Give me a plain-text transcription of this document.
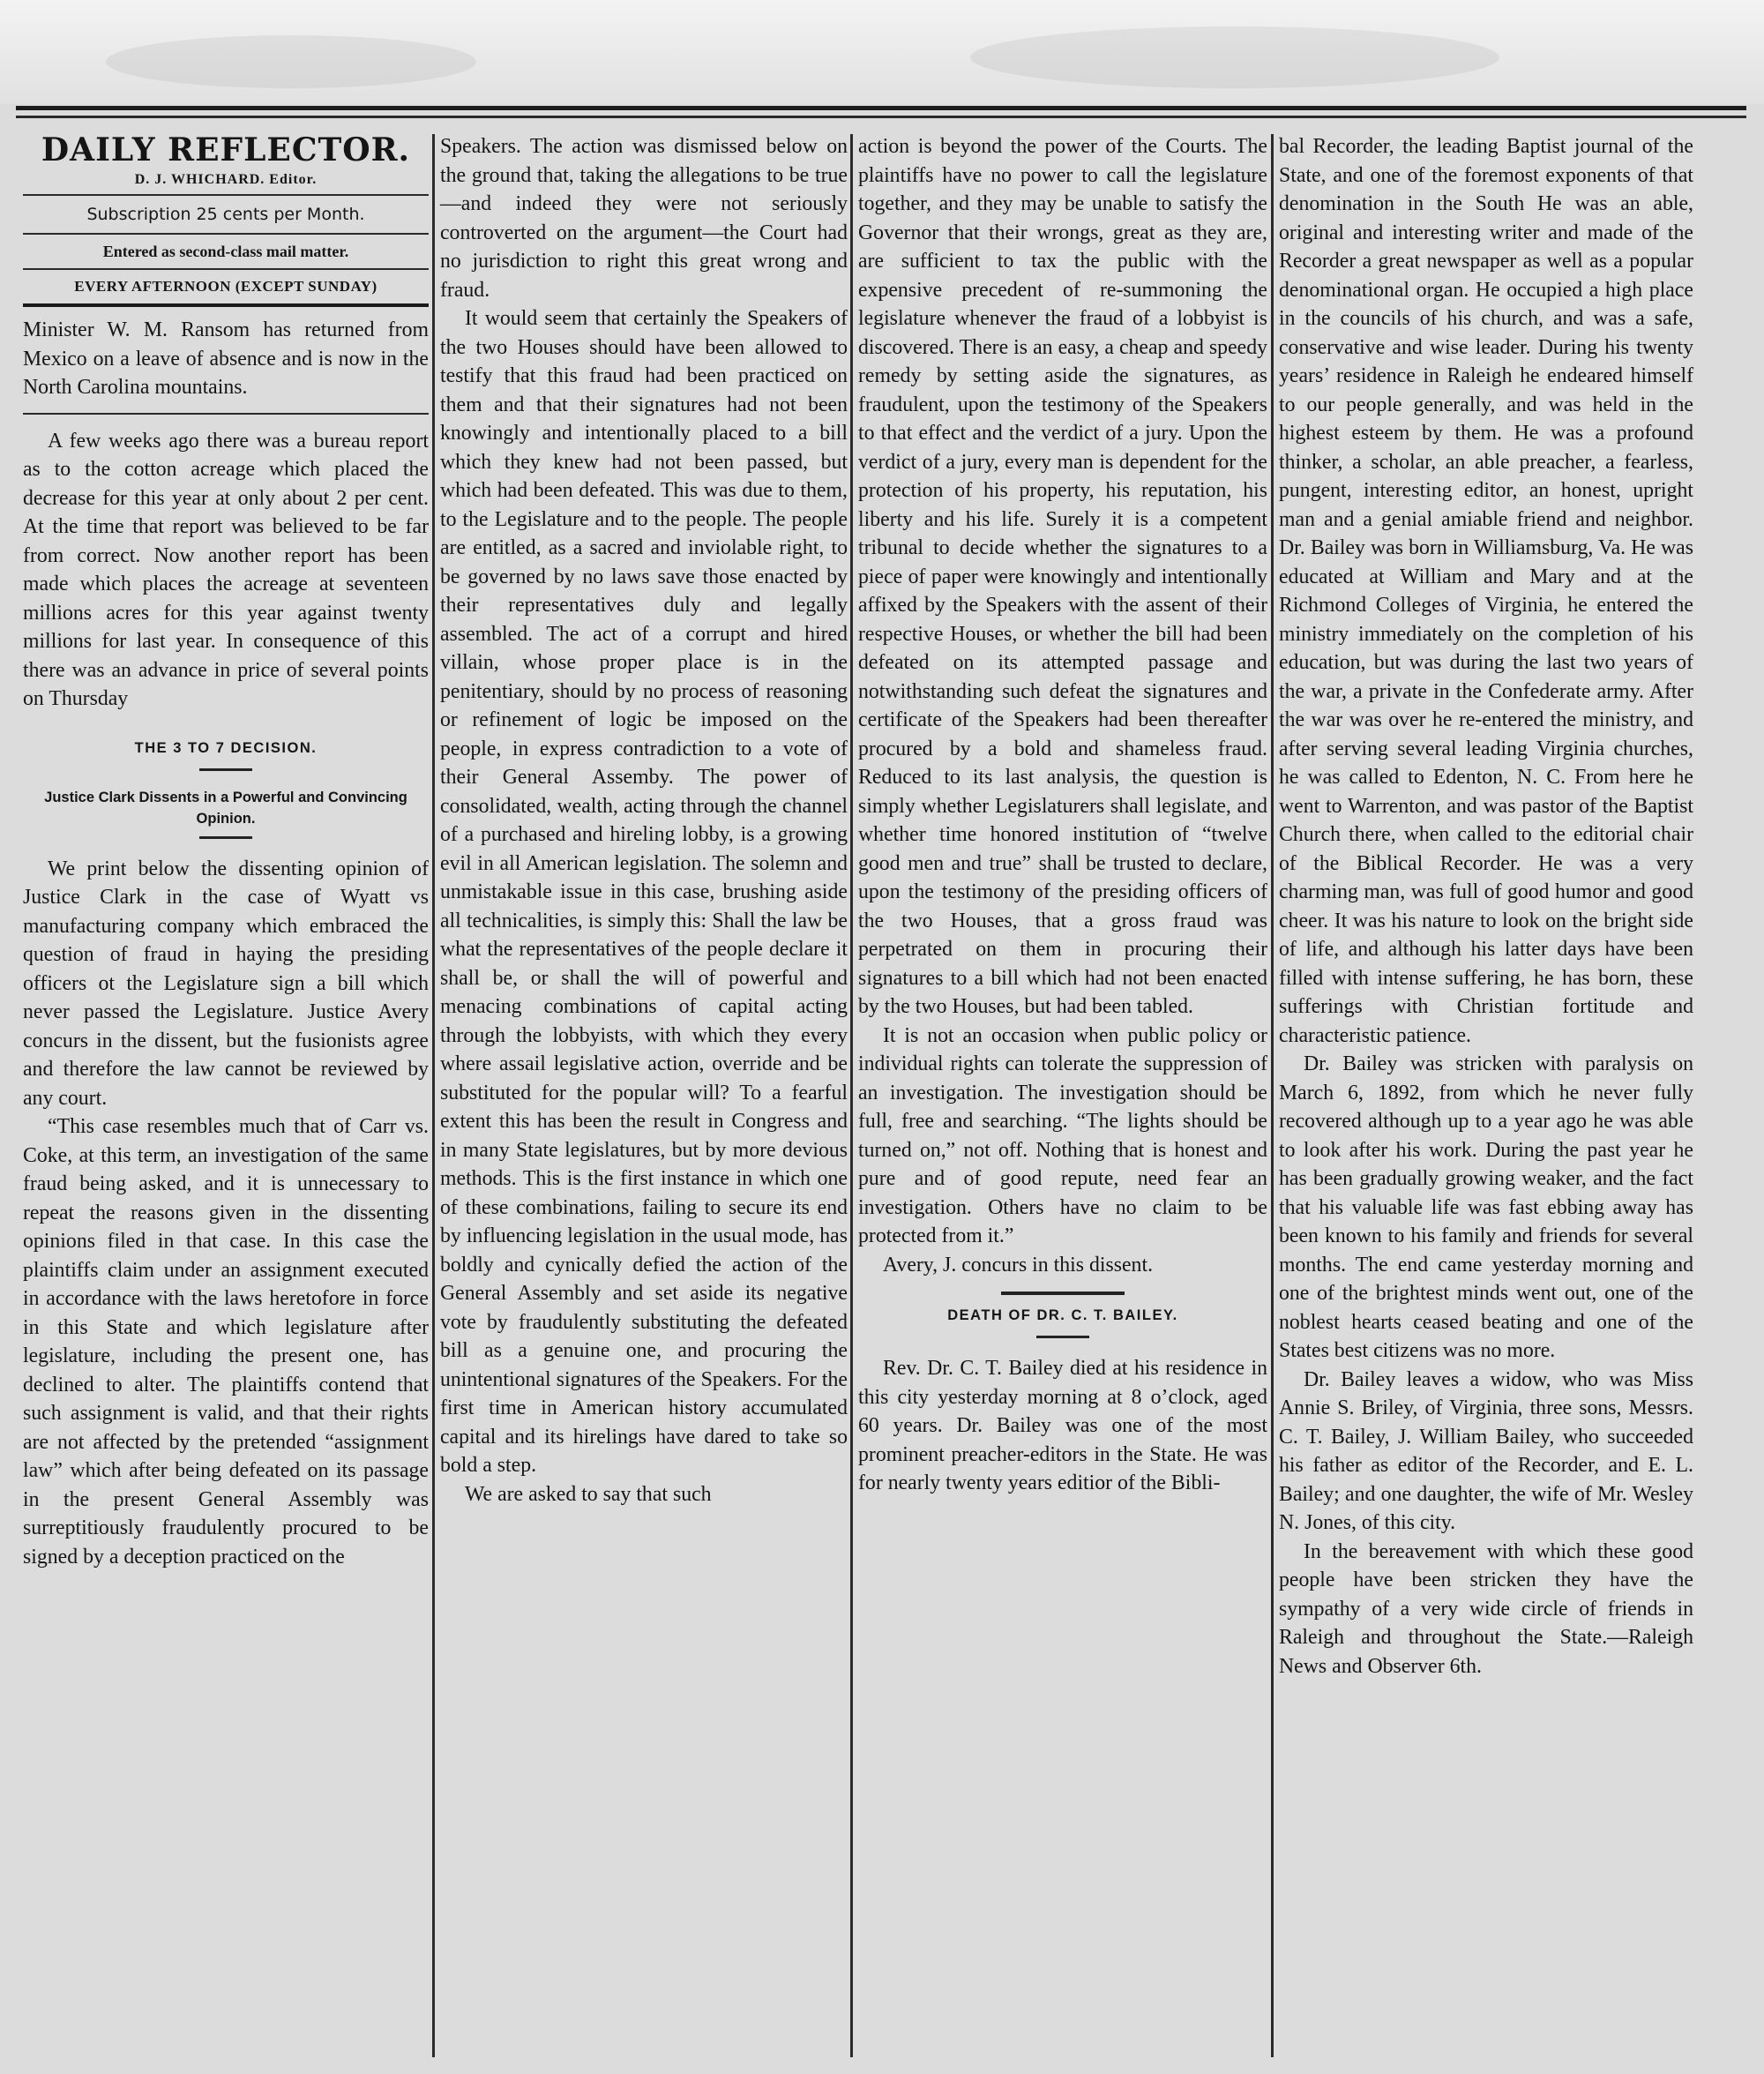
DAILY REFLECTOR.
D. J. WHICHARD. Editor.
Subscription 25 cents per Month.
Entered as second-class mail matter.
EVERY AFTERNOON (EXCEPT SUNDAY)

Minister W. M. Ransom has returned from Mexico on a leave of absence and is now in the North Carolina mountains.

A few weeks ago there was a bureau report as to the cotton acreage which placed the decrease for this year at only about 2 per cent. At the time that report was believed to be far from correct. Now another report has been made which places the acreage at seventeen millions acres for this year against twenty millions for last year. In consequence of this there was an advance in price of several points on Thursday

THE 3 TO 7 DECISION.
Justice Clark Dissents in a Powerful and Convincing Opinion.

We print below the dissenting opinion of Justice Clark in the case of Wyatt vs manufacturing company which embraced the question of fraud in haying the presiding officers ot the Legislature sign a bill which never passed the Legislature. Justice Avery concurs in the dissent, but the fusionists agree and therefore the law cannot be reviewed by any court.

“This case resembles much that of Carr vs. Coke, at this term, an investigation of the same fraud being asked, and it is unnecessary to repeat the reasons given in the dissenting opinions filed in that case. In this case the plaintiffs claim under an assignment executed in accordance with the laws heretofore in force in this State and which legislature after legislature, including the present one, has declined to alter. The plaintiffs contend that such assignment is valid, and that their rights are not affected by the pretended “assignment law” which after being defeated on its passage in the present General Assembly was surreptitiously fraudulently procured to be signed by a deception practiced on the

Speakers. The action was dismissed below on the ground that, taking the allegations to be true—and indeed they were not seriously controverted on the argument—the Court had no jurisdiction to right this great wrong and fraud.

It would seem that certainly the Speakers of the two Houses should have been allowed to testify that this fraud had been practiced on them and that their signatures had not been knowingly and intentionally placed to a bill which they knew had not been passed, but which had been defeated. This was due to them, to the Legislature and to the people. The people are entitled, as a sacred and inviolable right, to be governed by no laws save those enacted by their representatives duly and legally assembled. The act of a corrupt and hired villain, whose proper place is in the penitentiary, should by no process of reasoning or refinement of logic be imposed on the people, in express contradiction to a vote of their General Assemby. The power of consolidated, wealth, acting through the channel of a purchased and hireling lobby, is a growing evil in all American legislation. The solemn and unmistakable issue in this case, brushing aside all technicalities, is simply this: Shall the law be what the representatives of the people declare it shall be, or shall the will of powerful and menacing combinations of capital acting through the lobbyists, with which they every where assail legislative action, override and be substituted for the popular will? To a fearful extent this has been the result in Congress and in many State legislatures, but by more devious methods. This is the first instance in which one of these combinations, failing to secure its end by influencing legislation in the usual mode, has boldly and cynically defied the action of the General Assembly and set aside its negative vote by fraudulently substituting the defeated bill as a genuine one, and procuring the unintentional signatures of the Speakers. For the first time in American history accumulated capital and its hirelings have dared to take so bold a step.

We are asked to say that such

action is beyond the power of the Courts. The plaintiffs have no power to call the legislature together, and they may be unable to satisfy the Governor that their wrongs, great as they are, are sufficient to tax the public with the expensive precedent of re-summoning the legislature whenever the fraud of a lobbyist is discovered. There is an easy, a cheap and speedy remedy by setting aside the signatures, as fraudulent, upon the testimony of the Speakers to that effect and the verdict of a jury. Upon the verdict of a jury, every man is dependent for the protection of his property, his reputation, his liberty and his life. Surely it is a competent tribunal to decide whether the signatures to a piece of paper were knowingly and intentionally affixed by the Speakers with the assent of their respective Houses, or whether the bill had been defeated on its attempted passage and notwithstanding such defeat the signatures and certificate of the Speakers had been thereafter procured by a bold and shameless fraud. Reduced to its last analysis, the question is simply whether Legislaturers shall legislate, and whether time honored institution of “twelve good men and true” shall be trusted to declare, upon the testimony of the presiding officers of the two Houses, that a gross fraud was perpetrated on them in procuring their signatures to a bill which had not been enacted by the two Houses, but had been tabled.

It is not an occasion when public policy or individual rights can tolerate the suppression of an investigation. The investigation should be full, free and searching. “The lights should be turned on,” not off. Nothing that is honest and pure and of good repute, need fear an investigation. Others have no claim to be protected from it.”

Avery, J. concurs in this dissent.

DEATH OF DR. C. T. BAILEY.

Rev. Dr. C. T. Bailey died at his residence in this city yesterday morning at 8 o’clock, aged 60 years. Dr. Bailey was one of the most prominent preacher-editors in the State. He was for nearly twenty years editior of the Bibli-

bal Recorder, the leading Baptist journal of the State, and one of the foremost exponents of that denomination in the South He was an able, original and interesting writer and made of the Recorder a great newspaper as well as a popular denominational organ. He occupied a high place in the councils of his church, and was a safe, conservative and wise leader. During his twenty years’ residence in Raleigh he endeared himself to our people generally, and was held in the highest esteem by them. He was a profound thinker, a scholar, an able preacher, a fearless, pungent, interesting editor, an honest, upright man and a genial amiable friend and neighbor. Dr. Bailey was born in Williamsburg, Va. He was educated at William and Mary and at the Richmond Colleges of Virginia, he entered the ministry immediately on the completion of his education, but was during the last two years of the war, a private in the Confederate army. After the war was over he re-entered the ministry, and after serving several leading Virginia churches, he was called to Edenton, N. C. From here he went to Warrenton, and was pastor of the Baptist Church there, when called to the editorial chair of the Biblical Recorder. He was a very charming man, was full of good humor and good cheer. It was his nature to look on the bright side of life, and although his latter days have been filled with intense suffering, he has born, these sufferings with Christian fortitude and characteristic patience.

Dr. Bailey was stricken with paralysis on March 6, 1892, from which he never fully recovered although up to a year ago he was able to look after his work. During the past year he has been gradually growing weaker, and the fact that his valuable life was fast ebbing away has been known to his family and friends for several months. The end came yesterday morning and one of the brightest minds went out, one of the noblest hearts ceased beating and one of the States best citizens was no more.

Dr. Bailey leaves a widow, who was Miss Annie S. Briley, of Virginia, three sons, Messrs. C. T. Bailey, J. William Bailey, who succeeded his father as editor of the Recorder, and E. L. Bailey; and one daughter, the wife of Mr. Wesley N. Jones, of this city.

In the bereavement with which these good people have been stricken they have the sympathy of a very wide circle of friends in Raleigh and throughout the State.—Raleigh News and Observer 6th.
